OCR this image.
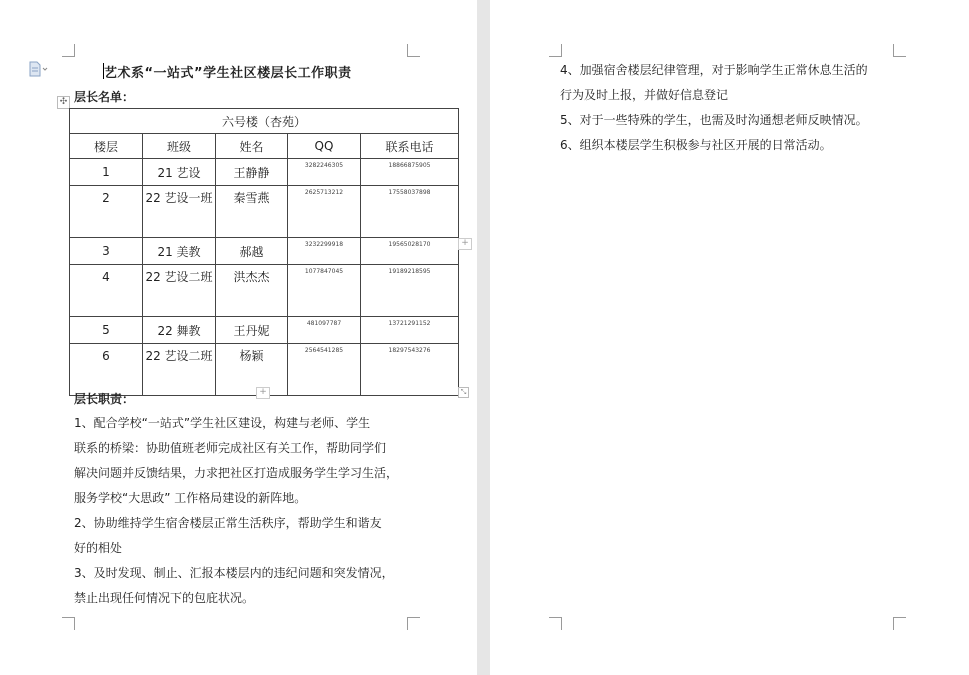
艺术系“一站式”学生社区楼层长工作职责
层长名单：
✣
六号楼（杏苑）				
楼层	班级	姓名	QQ	联系电话
1	21 艺设	王静静	3282246305	18866875905
2	22 艺设一班	秦雪燕	2625713212	17558037898
3	21 美教	郝越	3232299918	19565028170
4	22 艺设二班	洪杰杰	1077847045	19189218595
5	22 舞教	王丹妮	481097787	13721291152
6	22 艺设二班	杨颖	2564541285	18297543276
+
+	⤡
层长职责：
1、配合学校“一站式”学生社区建设，构建与老师、学生
联系的桥梁：协助值班老师完成社区有关工作，帮助同学们
解决问题并反馈结果，力求把社区打造成服务学生学习生活，
服务学校“大思政” 工作格局建设的新阵地。
2、协助维持学生宿舍楼层正常生活秩序，帮助学生和谐友
好的相处
3、及时发现、制止、汇报本楼层内的违纪问题和突发情况，
禁止出现任何情况下的包庇状况。
4、加强宿舍楼层纪律管理，对于影响学生正常休息生活的
行为及时上报，并做好信息登记
5、对于一些特殊的学生，也需及时沟通想老师反映情况。
6、组织本楼层学生积极参与社区开展的日常活动。
